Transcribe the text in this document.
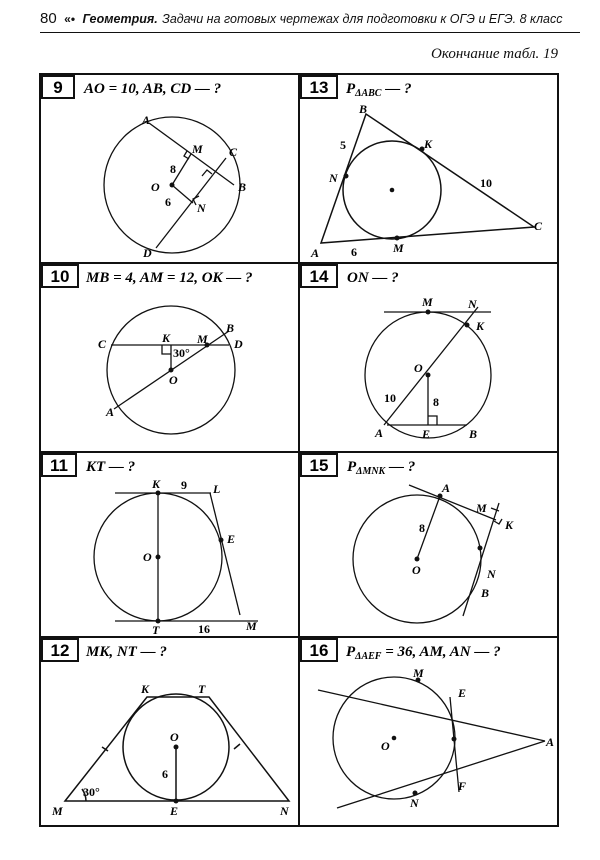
80 «• Геометрия. Задачи на готовых чертежах для подготовки к ОГЭ и ЕГЭ. 8 класс
Окончание табл. 19
9 AO = 10, AB, CD — ?
A
M C
O	B
N
D
8
6
13 $P_{\Delta ABC}$ — ?
B
K
N
C
A	M
5
10
6
10 MB = 4, AM = 12, OK — ?
C	K M
B
D
O
A
30°
14 ON — ?
M	N
K
O
A	E	B
10	8
11 KT — ?
K	L
O
E
T	M
9
16
15 $P_{\Delta MNK}$ — ?
A
M
K
O	N
B
8
12 MK, NT — ?
K	T
O
M	E	N
6
30°
16 $P_{\Delta AEF} = 36$, AM, AN — ?
M
E
O	A
F
N
